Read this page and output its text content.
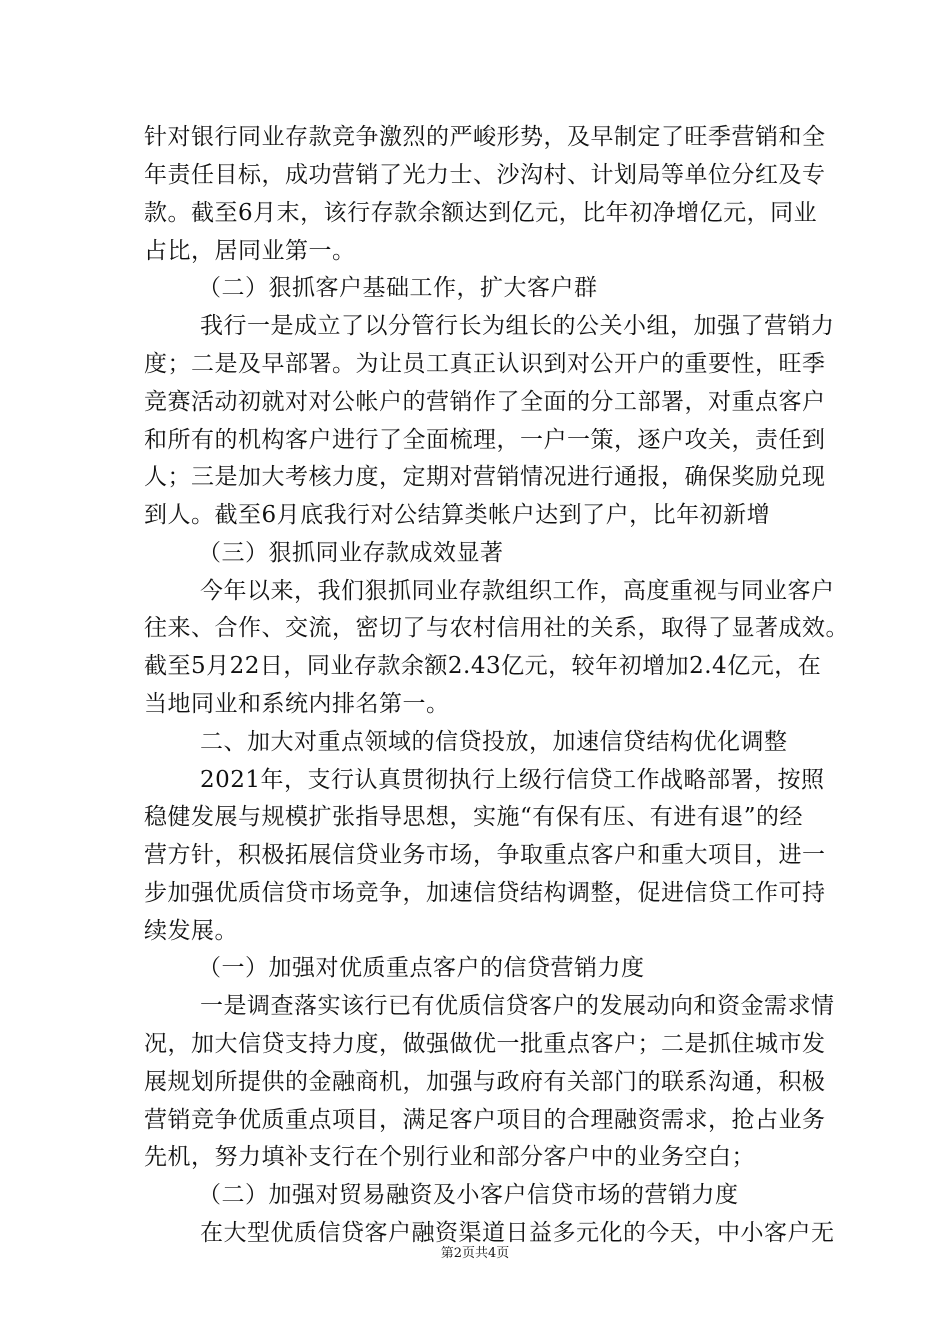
针对银行同业存款竞争激烈的严峻形势，及早制定了旺季营销和全
年责任目标，成功营销了光力士、沙沟村、计划局等单位分红及专
款。截至6月末，该行存款余额达到亿元，比年初净增亿元，同业
占比，居同业第一。
（二）狠抓客户基础工作，扩大客户群
我行一是成立了以分管行长为组长的公关小组，加强了营销力
度；二是及早部署。为让员工真正认识到对公开户的重要性，旺季
竞赛活动初就对对公帐户的营销作了全面的分工部署，对重点客户
和所有的机构客户进行了全面梳理，一户一策，逐户攻关，责任到
人；三是加大考核力度，定期对营销情况进行通报，确保奖励兑现
到人。截至6月底我行对公结算类帐户达到了户，比年初新增
（三）狠抓同业存款成效显著
今年以来，我们狠抓同业存款组织工作，高度重视与同业客户
往来、合作、交流，密切了与农村信用社的关系，取得了显著成效。
截至5月22日，同业存款余额2.43亿元，较年初增加2.4亿元，在
当地同业和系统内排名第一。
二、加大对重点领域的信贷投放，加速信贷结构优化调整
2021年，支行认真贯彻执行上级行信贷工作战略部署，按照
稳健发展与规模扩张指导思想，实施“有保有压、有进有退”的经
营方针，积极拓展信贷业务市场，争取重点客户和重大项目，进一
步加强优质信贷市场竞争，加速信贷结构调整，促进信贷工作可持
续发展。
（一）加强对优质重点客户的信贷营销力度
一是调查落实该行已有优质信贷客户的发展动向和资金需求情
况，加大信贷支持力度，做强做优一批重点客户；二是抓住城市发
展规划所提供的金融商机，加强与政府有关部门的联系沟通，积极
营销竞争优质重点项目，满足客户项目的合理融资需求，抢占业务
先机，努力填补支行在个别行业和部分客户中的业务空白；
（二）加强对贸易融资及小客户信贷市场的营销力度
在大型优质信贷客户融资渠道日益多元化的今天，中小客户无
第2页共4页
